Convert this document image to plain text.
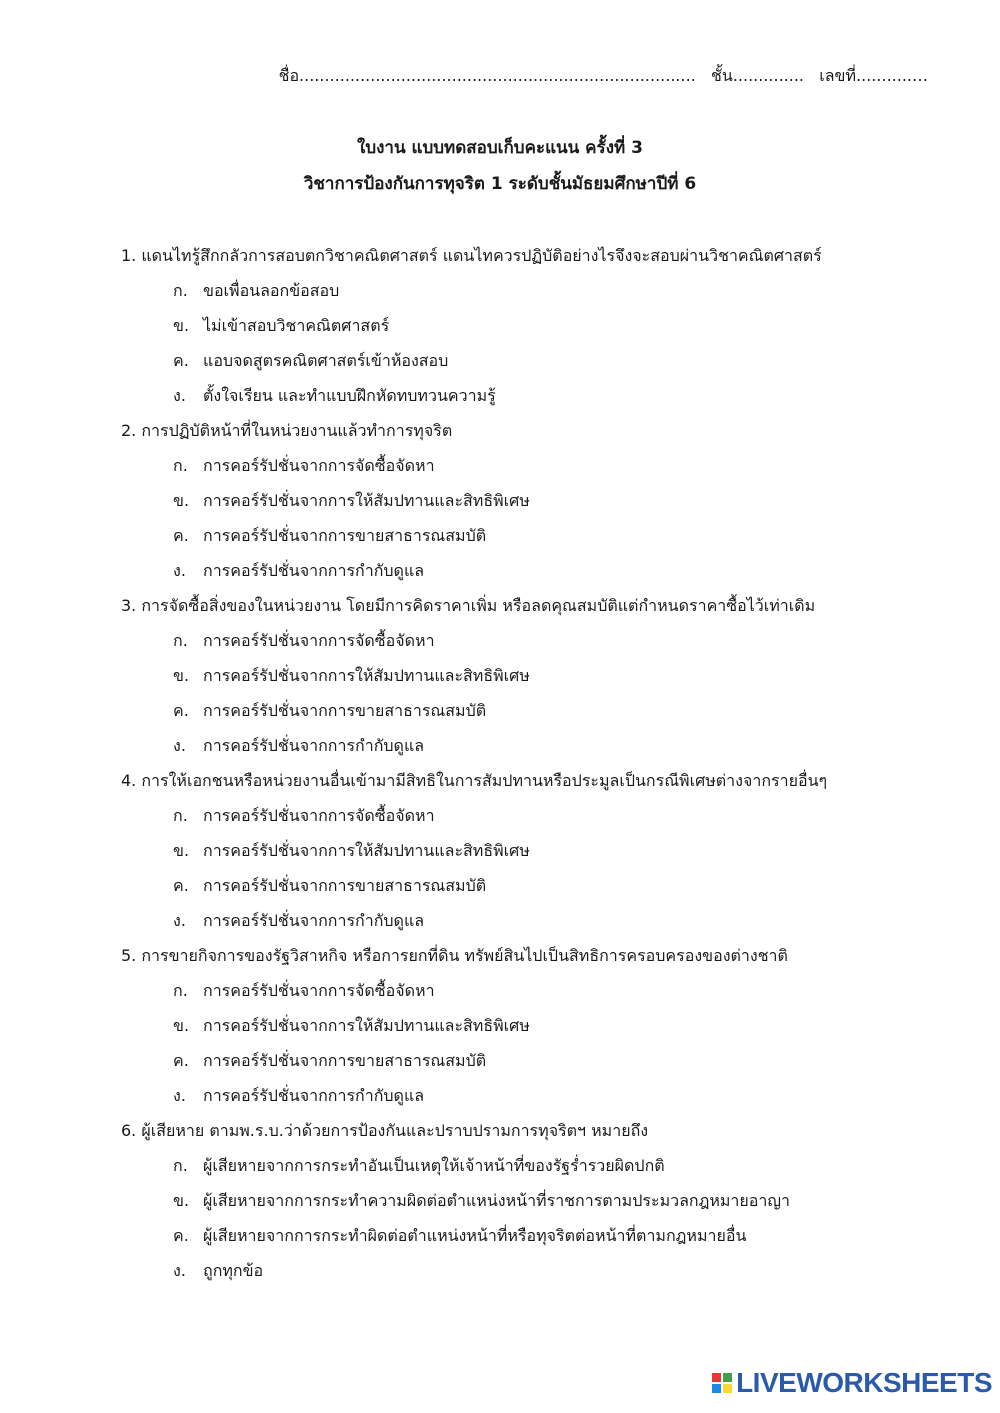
ชื่อ.............................................................................. ชั้น.............. เลขที่...........…
ใบงาน แบบทดสอบเก็บคะแนน ครั้งที่ 3
วิชาการป้องกันการทุจริต 1 ระดับชั้นมัธยมศึกษาปีที่ 6
1. แดนไทรู้สึกกลัวการสอบตกวิชาคณิตศาสตร์ แดนไทควรปฏิบัติอย่างไรจึงจะสอบผ่านวิชาคณิตศาสตร์
ก. ขอเพื่อนลอกข้อสอบ
ข. ไม่เข้าสอบวิชาคณิตศาสตร์
ค. แอบจดสูตรคณิตศาสตร์เข้าห้องสอบ
ง. ตั้งใจเรียน และทำแบบฝึกหัดทบทวนความรู้
2. การปฏิบัติหน้าที่ในหน่วยงานแล้วทำการทุจริต
ก. การคอร์รัปชั่นจากการจัดซื้อจัดหา
ข. การคอร์รัปชั่นจากการให้สัมปทานและสิทธิพิเศษ
ค. การคอร์รัปชั่นจากการขายสาธารณสมบัติ
ง. การคอร์รัปชั่นจากการกำกับดูแล
3. การจัดซื้อสิ่งของในหน่วยงาน โดยมีการคิดราคาเพิ่ม หรือลดคุณสมบัติแต่กำหนดราคาซื้อไว้เท่าเดิม
ก. การคอร์รัปชั่นจากการจัดซื้อจัดหา
ข. การคอร์รัปชั่นจากการให้สัมปทานและสิทธิพิเศษ
ค. การคอร์รัปชั่นจากการขายสาธารณสมบัติ
ง. การคอร์รัปชั่นจากการกำกับดูแล
4. การให้เอกชนหรือหน่วยงานอื่นเข้ามามีสิทธิในการสัมปทานหรือประมูลเป็นกรณีพิเศษต่างจากรายอื่นๆ
ก. การคอร์รัปชั่นจากการจัดซื้อจัดหา
ข. การคอร์รัปชั่นจากการให้สัมปทานและสิทธิพิเศษ
ค. การคอร์รัปชั่นจากการขายสาธารณสมบัติ
ง. การคอร์รัปชั่นจากการกำกับดูแล
5. การขายกิจการของรัฐวิสาหกิจ หรือการยกที่ดิน ทรัพย์สินไปเป็นสิทธิการครอบครองของต่างชาติ
ก. การคอร์รัปชั่นจากการจัดซื้อจัดหา
ข. การคอร์รัปชั่นจากการให้สัมปทานและสิทธิพิเศษ
ค. การคอร์รัปชั่นจากการขายสาธารณสมบัติ
ง. การคอร์รัปชั่นจากการกำกับดูแล
6. ผู้เสียหาย ตามพ.ร.บ.ว่าด้วยการป้องกันและปราบปรามการทุจริตฯ หมายถึง
ก. ผู้เสียหายจากการกระทำอันเป็นเหตุให้เจ้าหน้าที่ของรัฐร่ำรวยผิดปกติ
ข. ผู้เสียหายจากการกระทำความผิดต่อตำแหน่งหน้าที่ราชการตามประมวลกฎหมายอาญา
ค. ผู้เสียหายจากการกระทำผิดต่อตำแหน่งหน้าที่หรือทุจริตต่อหน้าที่ตามกฎหมายอื่น
ง. ถูกทุกข้อ
LIVEWORKSHEETS
